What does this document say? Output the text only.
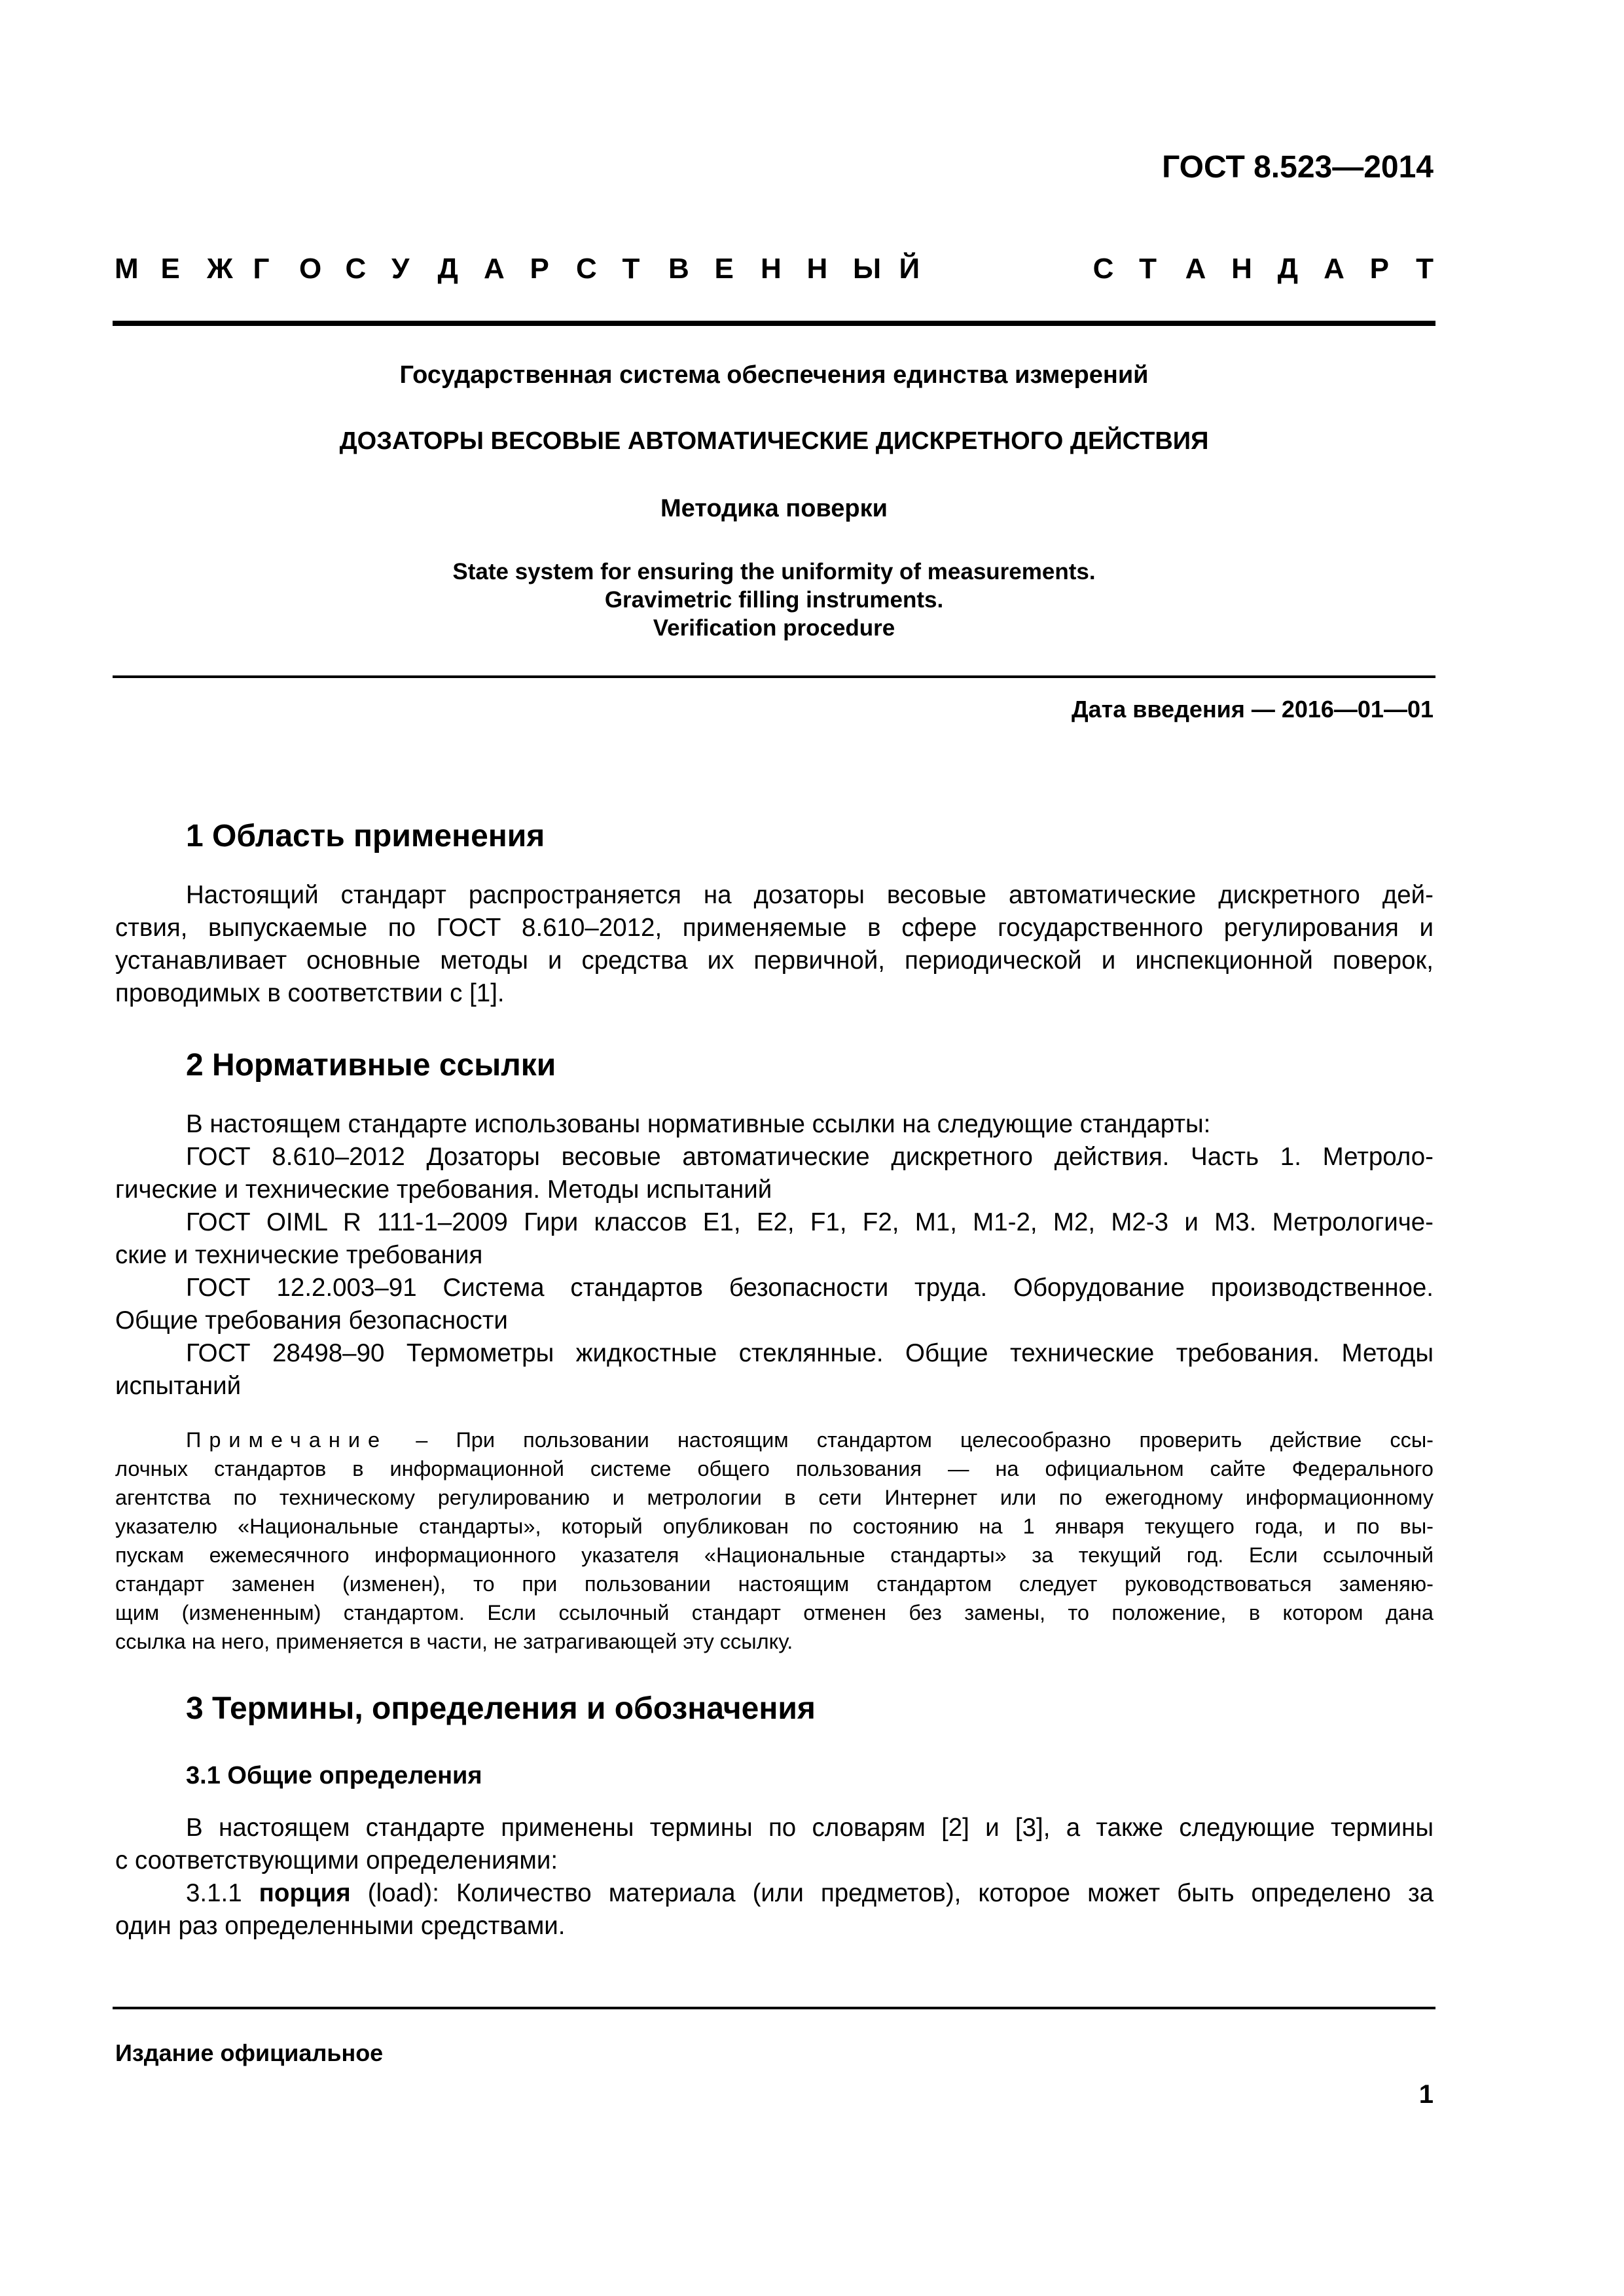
ГОСТ 8.523—2014
М Е Ж Г	О С У Д А Р С Т В Е Н Н Ы Й	С Т А Н Д А Р Т
Государственная система обеспечения единства измерений
ДОЗАТОРЫ ВЕСОВЫЕ АВТОМАТИЧЕСКИЕ ДИСКРЕТНОГО ДЕЙСТВИЯ
Методика поверки
State system for ensuring the uniformity of measurements.
Gravimetric filling instruments.
Verification procedure
Дата введения — 2016—01—01
1 Область применения
Настоящий стандарт распространяется на дозаторы весовые автоматические дискретного дей-
ствия, выпускаемые по ГОСТ 8.610–2012, применяемые в сфере государственного регулирования и
устанавливает основные методы и средства их первичной, периодической и инспекционной поверок,
проводимых в соответствии с [1].
2 Нормативные ссылки
В настоящем стандарте использованы нормативные ссылки на следующие стандарты:
ГОСТ 8.610–2012 Дозаторы весовые автоматические дискретного действия. Часть 1. Метроло-
гические и технические требования. Методы испытаний
ГОСТ OIML R 111-1–2009 Гири классов E1, E2, F1, F2, M1, M1-2, M2, M2-3 и M3. Метрологиче-
ские и технические требования
ГОСТ 12.2.003–91 Система стандартов безопасности труда. Оборудование производственное.
Общие требования безопасности
ГОСТ 28498–90 Термометры жидкостные стеклянные. Общие технические требования. Методы
испытаний
Примечание – При пользовании настоящим стандартом целесообразно проверить действие ссы-
лочных стандартов в информационной системе общего пользования — на официальном сайте Федерального
агентства по техническому регулированию и метрологии в сети Интернет или по ежегодному информационному
указателю «Национальные стандарты», который опубликован по состоянию на 1 января текущего года, и по вы-
пускам ежемесячного информационного указателя «Национальные стандарты» за текущий год. Если ссылочный
стандарт заменен (изменен), то при пользовании настоящим стандартом следует руководствоваться заменяю-
щим (измененным) стандартом. Если ссылочный стандарт отменен без замены, то положение, в котором дана
ссылка на него, применяется в части, не затрагивающей эту ссылку.
3 Термины, определения и обозначения
3.1 Общие определения
В настоящем стандарте применены термины по словарям [2] и [3], а также следующие термины
с соответствующими определениями:
3.1.1 порция (load): Количество материала (или предметов), которое может быть определено за
один раз определенными средствами.
Издание официальное
1
